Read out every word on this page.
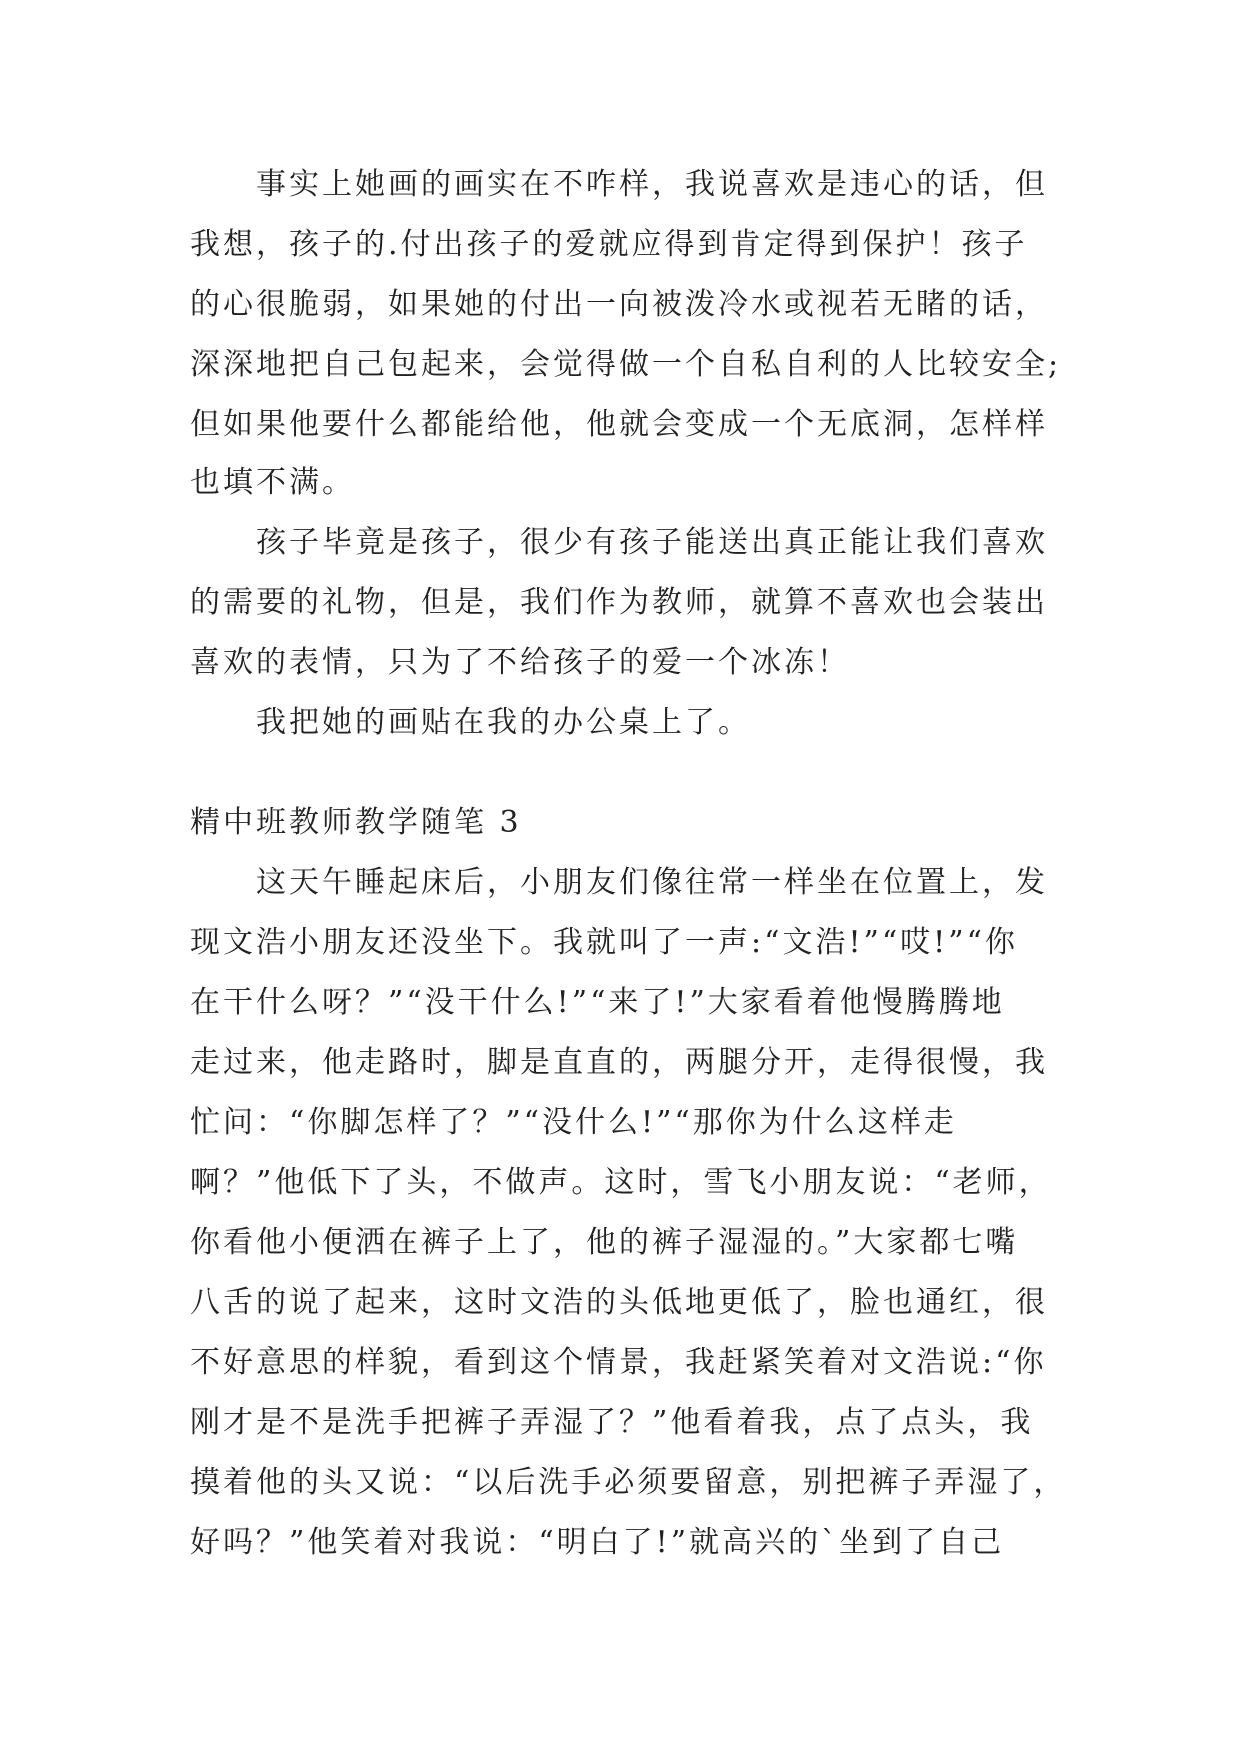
事实上她画的画实在不咋样，我说喜欢是违心的话，但
我想，孩子的.付出孩子的爱就应得到肯定得到保护！孩子
的心很脆弱，如果她的付出一向被泼冷水或视若无睹的话，
深深地把自己包起来，会觉得做一个自私自利的人比较安全;
但如果他要什么都能给他，他就会变成一个无底洞，怎样样
也填不满。
孩子毕竟是孩子，很少有孩子能送出真正能让我们喜欢
的需要的礼物，但是，我们作为教师，就算不喜欢也会装出
喜欢的表情，只为了不给孩子的爱一个冰冻！
我把她的画贴在我的办公桌上了。
精中班教师教学随笔 3
这天午睡起床后，小朋友们像往常一样坐在位置上，发
现文浩小朋友还没坐下。我就叫了一声:“文浩!”“哎!”“你
在干什么呀？”“没干什么!”“来了!”大家看着他慢腾腾地
走过来，他走路时，脚是直直的，两腿分开，走得很慢，我
忙问：“你脚怎样了？”“没什么!”“那你为什么这样走
啊？”他低下了头，不做声。这时，雪飞小朋友说：“老师，
你看他小便洒在裤子上了，他的裤子湿湿的。”大家都七嘴
八舌的说了起来，这时文浩的头低地更低了，脸也通红，很
不好意思的样貌，看到这个情景，我赶紧笑着对文浩说:“你
刚才是不是洗手把裤子弄湿了？”他看着我，点了点头，我
摸着他的头又说：“以后洗手必须要留意，别把裤子弄湿了，
好吗？”他笑着对我说：“明白了!”就高兴的`坐到了自己
